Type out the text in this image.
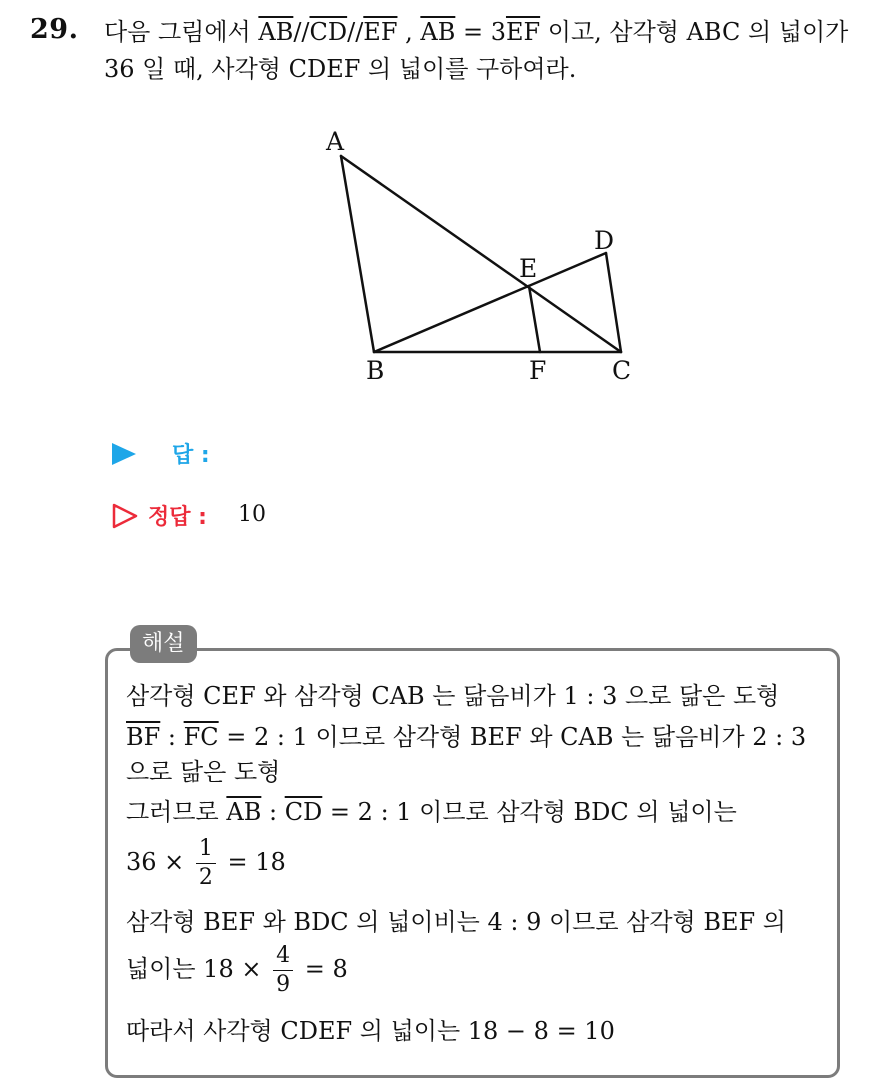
29. 다음 그림에서 $\overline{AB}//\overline{CD}//\overline{EF}$ , $\overline{AB} = 3\overline{EF}$ 이고, 삼각형 ABC 의 넓이가 36 일 때, 사각형 CDEF 의 넓이를 구하여라.
A
B	C
D
E
F
답 :
정답 : 10
해설
삼각형 CEF 와 삼각형 CAB 는 닮음비가 1 : 3 으로 닮은 도형
$\overline{BF}$ : $\overline{FC} = 2$ : 1 이므로 삼각형 BEF 와 CAB 는 닮음비가 2 : 3
으로 닮은 도형
그러므로 $\overline{AB}$ : $\overline{CD} = 2$ : 1 이므로 삼각형 BDC 의 넓이는
$36 \times \frac{1}{2} = 18$
삼각형 BEF 와 BDC 의 넓이비는 4 : 9 이므로 삼각형 BEF 의
넓이는 $18 \times \frac{4}{9} = 8$
따라서 사각형 CDEF 의 넓이는 18 − 8 = 10
